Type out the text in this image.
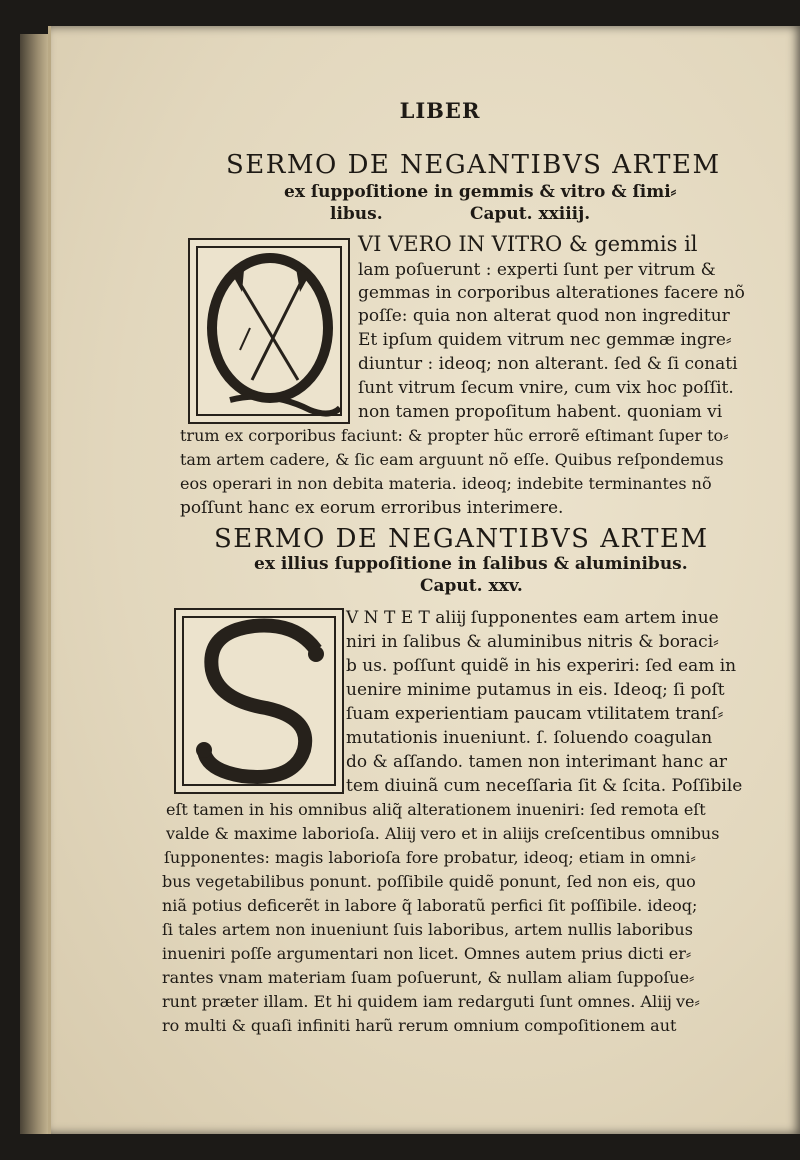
LIBER
SERMO DE NEGANTIBVS ARTEM
ex ſuppoſitione in gemmis & vitro & ſimi⸗
libus.	Caput. xxiiij.
VI VERO IN VITRO & gemmis il
lam poſuerunt : experti ſunt per vitrum &
gemmas in corporibus alterationes facere nõ
poſſe: quia non alterat quod non ingreditur
Et ipſum quidem vitrum nec gemmæ ingre⸗
diuntur : ideoq; non alterant. ſed & ſi conati
ſunt vitrum ſecum vnire, cum vix hoc poſſit.
non tamen propoſitum habent. quoniam vi
trum ex corporibus faciunt: & propter hũc errorẽ eſtimant ſuper to⸗
tam artem cadere, & ſic eam arguunt nõ eſſe. Quibus reſpondemus
eos operari in non debita materia. ideoq; indebite terminantes nõ
poſſunt hanc ex eorum erroribus interimere.
SERMO DE NEGANTIBVS ARTEM
ex illius ſuppoſitione in ſalibus & aluminibus.
Caput. xxv.
V N T E T aliĳ ſupponentes eam artem inue
niri in ſalibus & aluminibus nitris & boraci⸗
b us. poſſunt quidẽ in his experiri: ſed eam in
uenire minime putamus in eis. Ideoq; ſi poſt
ſuam experientiam paucam vtilitatem tranſ⸗
mutationis inueniunt. ſ. ſoluendo coagulan
do & aſſando. tamen non interimant hanc ar
tem diuinã cum neceſſaria ſit & ſcita. Poſſibile
eſt tamen in his omnibus aliq̃ alterationem inueniri: ſed remota eſt
valde & maxime laborioſa. Aliĳ vero et in aliĳs creſcentibus omnibus
ſupponentes: magis laborioſa fore probatur, ideoq; etiam in omni⸗
bus vegetabilibus ponunt. poſſibile quidẽ ponunt, ſed non eis, quo
niã potius deficerẽt in labore q̃ laboratũ perfici ſit poſſibile. ideoq;
ſi tales artem non inueniunt ſuis laboribus, artem nullis laboribus
inueniri poſſe argumentari non licet. Omnes autem prius dicti er⸗
rantes vnam materiam ſuam poſuerunt, & nullam aliam ſuppoſue⸗
runt præter illam. Et hi quidem iam redarguti ſunt omnes. Aliĳ ve⸗
ro multi & quaſi infiniti harũ rerum omnium compoſitionem aut
